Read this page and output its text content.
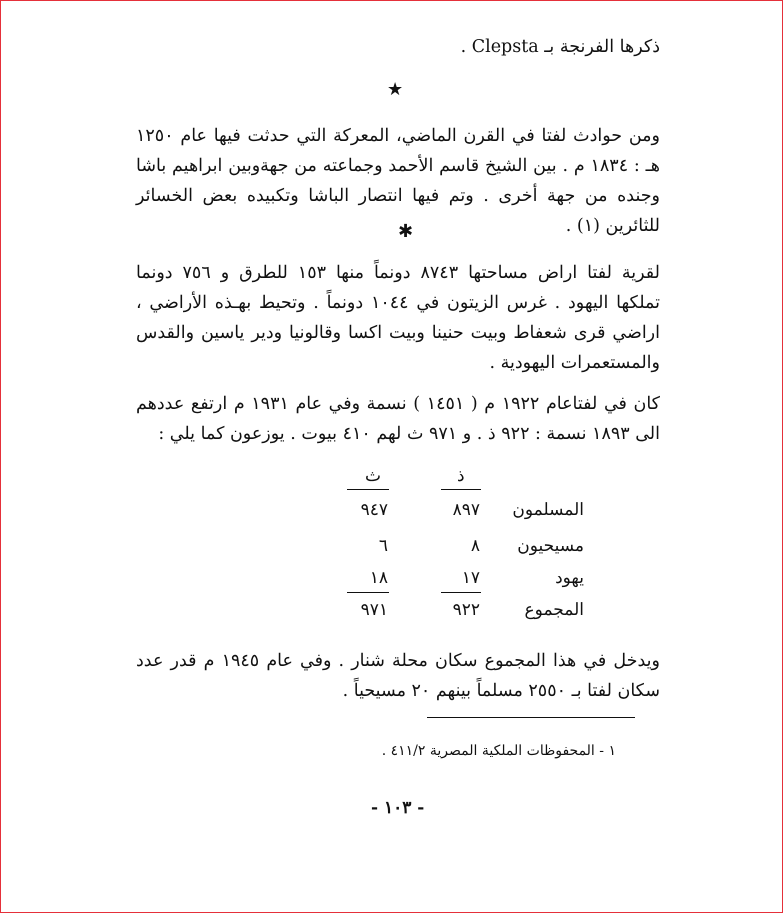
ذكرها الفرنجة بـ Clepsta .

★

ومن حوادث لفتا في القرن الماضي، المعركة التي حدثت فيها عام ١٢٥٠ هـ : ١٨٣٤ م . بين الشيخ قاسم الأحمد وجماعته من جهةوبين ابراهيم باشا وجنده من جهة أخرى . وتم فيها انتصار الباشا وتكبيده بعض الخسائر للثائرين (١) .

✱

لقرية لفتا اراض مساحتها ٨٧٤٣ دونماً منها ١٥٣ للطرق و ٧٥٦ دونما تملكها اليهود . غرس الزيتون في ١٠٤٤ دونماً . وتحيط بهـذه الأراضي ، اراضي قرى شعفاط وبيت حنينا وبيت اكسا وقالونيا ودير ياسين والقدس والمستعمرات اليهودية .

كان في لفتاعام ١٩٢٢ م ( ١٤٥١ ) نسمة وفي عام ١٩٣١ م ارتفع عددهم الى ١٨٩٣ نسمة : ٩٢٢ ذ . و ٩٧١ ث لهم ٤١٠ بيوت . يوزعون كما يلي :

ذ
ث
المسلمون
٨٩٧
٩٤٧
مسيحيون
٨
٦
يهود
١٧
١٨
المجموع
٩٢٢
٩٧١

ويدخل في هذا المجموع سكان محلة شنار . وفي عام ١٩٤٥ م قدر عدد سكان لفتا بـ ٢٥٥٠ مسلماً بينهم ٢٠ مسيحياً .

١ - المحفوظات الملكية المصرية ٤١١/٢ .
- ١٠٣ -
